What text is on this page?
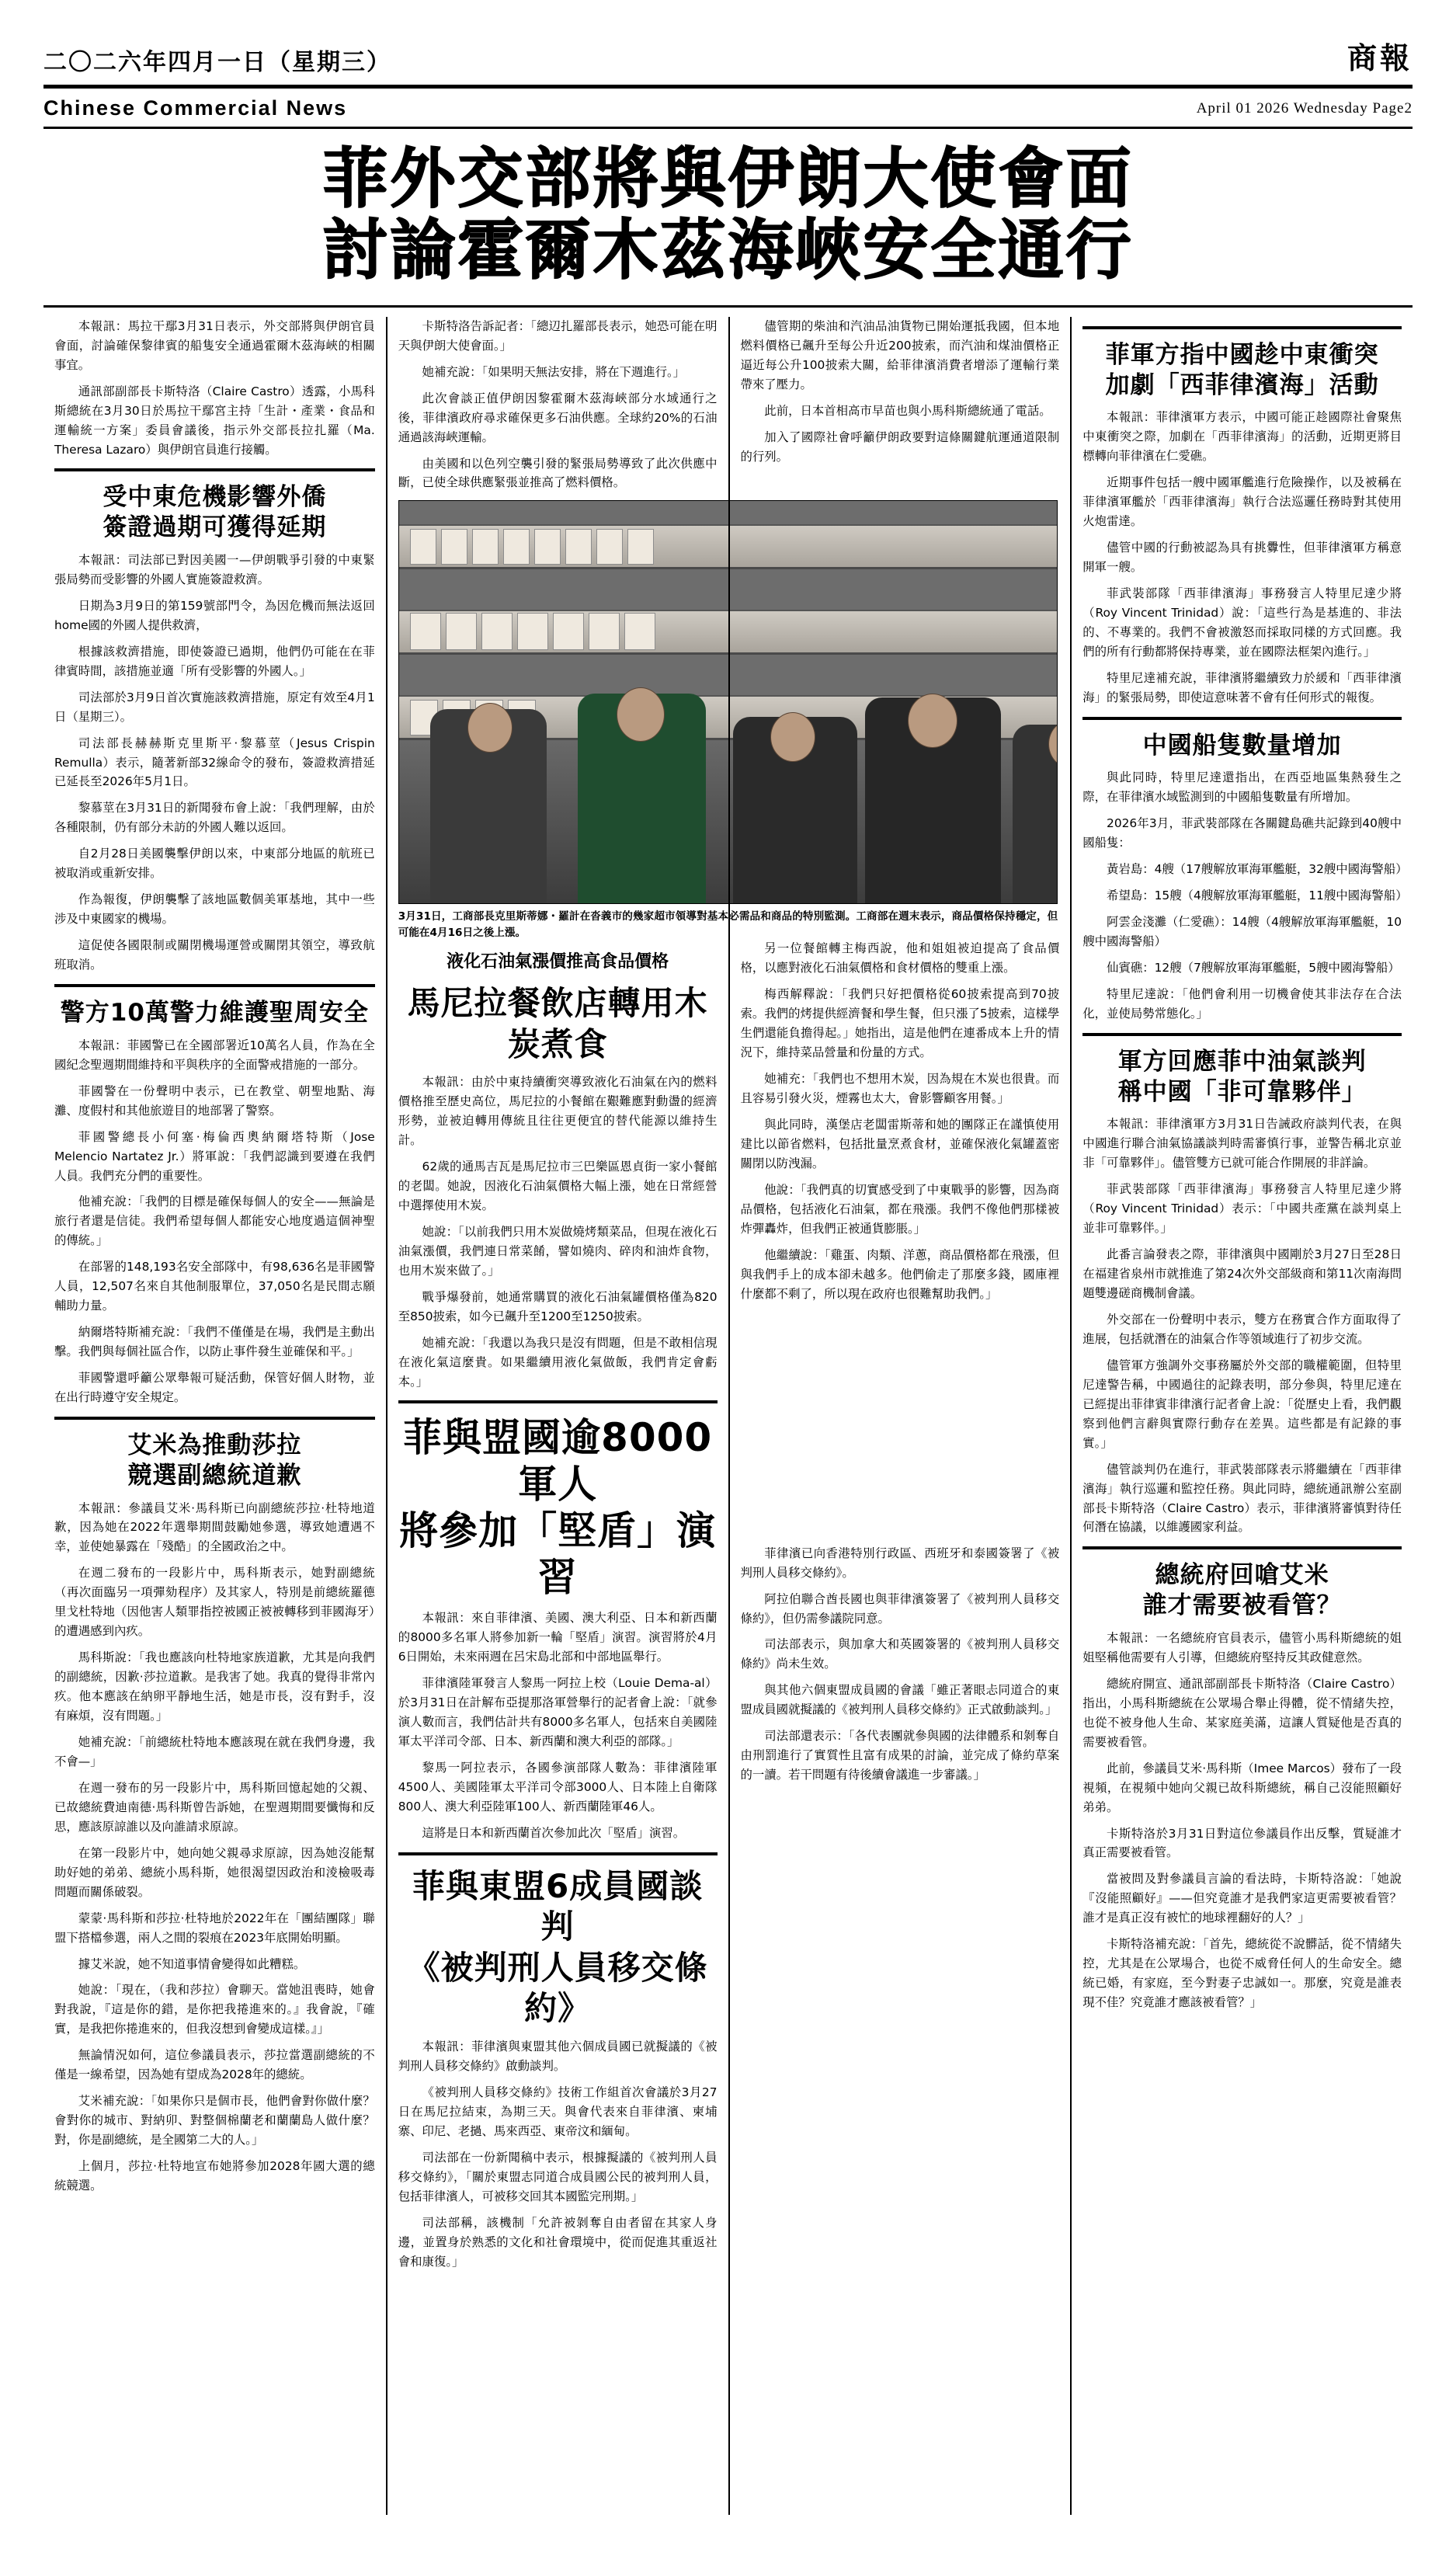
二〇二六年四月一日（星期三）	商報
Chinese Commercial News	April 01 2026 Wednesday Page2
菲外交部將與伊朗大使會面
討論霍爾木茲海峽安全通行

本報訊：馬拉干鄢3月31日表示，外交部將與伊朗官員會面，討論確保黎律賓的船隻安全通過霍爾木茲海峽的相關事宜。

通訊部副部長卡斯特洛（Claire Castro）透露，小馬科斯總統在3月30日於馬拉干鄢宮主持「生計・產業・食品和運輸統一方案」委員會議後，指示外交部長拉扎羅（Ma. Theresa Lazaro）與伊朗官員進行接觸。

受中東危機影響外僑
簽證過期可獲得延期

本報訊：司法部已對因美國一—伊朗戰爭引發的中東緊張局勢而受影響的外國人實施簽證救濟。

日期為3月9日的第159號部門令，為因危機而無法返回home國的外國人提供救濟，

根據該救濟措施，即使簽證已過期，他們仍可能在在菲律賓時間，該措施並適「所有受影響的外國人。」

司法部於3月9日首次實施該救濟措施，原定有效至4月1日（星期三）。

司法部長赫赫斯克里斯平·黎慕莖（Jesus Crispin Remulla）表示，隨著新部32線命令的發布，簽證救濟措延已延長至2026年5月1日。

黎慕莖在3月31日的新聞發布會上說：「我們理解，由於各種限制，仍有部分未訪的外國人難以返回。

自2月28日美國襲擊伊朗以來，中東部分地區的航班已被取消或重新安排。

作為報復，伊朗襲擊了該地區數個美軍基地，其中一些涉及中東國家的機場。

這促使各國限制或關閉機場運營或關閉其領空，導致航班取消。

警方10萬警力維護聖周安全

本報訊：菲國警已在全國部署近10萬名人員，作為在全國紀念聖週期間維持和平與秩序的全面警戒措施的一部分。

菲國警在一份聲明中表示，已在教堂、朝聖地點、海灘、度假村和其他旅遊目的地部署了警察。

菲國警總長小何塞·梅倫西奧納爾塔特斯（Jose Melencio Nartatez Jr.）將軍說：「我們認識到要遵在我們人員。我們充分們的重要性。

他補充說：「我們的目標是確保每個人的安全——無論是旅行者還是信徒。我們希望每個人都能安心地度過這個神聖的傳統。」

在部署的148,193名安全部隊中，有98,636名是菲國警人員，12,507名來自其他制服單位，37,050名是民間志願輔助力量。

納爾塔特斯補充說：「我們不僅僅是在場，我們是主動出擊。我們與每個社區合作，以防止事件發生並確保和平。」

菲國警還呼籲公眾舉報可疑活動，保管好個人財物，並在出行時遵守安全規定。

艾米為推動莎拉
競選副總統道歉

本報訊：參議員艾米·馬科斯已向副總統莎拉·杜特地道歉，因為她在2022年選舉期間鼓勵她參選，導致她遭遇不幸，並使她暴露在「殘酷」的全國政治之中。

在週二發布的一段影片中，馬科斯表示，她對副總統（再次面臨另一項彈劾程序）及其家人，特別是前總統羅德里戈杜特地（因他害人類罪指控被國正被被轉移到菲國海牙）的遭遇感到內疚。

馬科斯說：「我也應該向杜特地家族道歉，尤其是向我們的副總統，因歉·莎拉道歉。是我害了她。我真的覺得非常內疚。他本應該在納卵平靜地生活，她是市長，沒有對手，沒有麻煩，沒有問題。」

她補充說：「前總統杜特地本應該現在就在我們身邊，我不會—」

在週一發布的另一段影片中，馬科斯回憶起她的父親、已故總統費迪南德·馬科斯曾告訴她，在聖週期間要懺悔和反思，應該原諒誰以及向誰請求原諒。

在第一段影片中，她向她父親尋求原諒，因為她沒能幫助好她的弟弟、總統小馬科斯，她很渴望因政治和淩檢吸毒問題而關係破裂。

蒙蒙·馬科斯和莎拉·杜特地於2022年在「團結團隊」聯盟下搭檔參選，兩人之間的裂痕在2023年底開始明顯。

據艾米說，她不知道事情會變得如此糟糕。

她說：「現在，（我和莎拉）會聊天。當她沮喪時，她會對我說，『這是你的錯，是你把我捲進來的。』我會說，『確實，是我把你捲進來的，但我沒想到會變成這樣。』」

無論情況如何，這位參議員表示，莎拉當選副總統的不僅是一線希望，因為她有望成為2028年的總統。

艾米補充說：「如果你只是個市長，他們會對你做什麼？會對你的城市、對納卯、對整個棉蘭老和蘭蘭島人做什麼？對，你是副總統，是全國第二大的人。」

上個月，莎拉·杜特地宣布她將參加2028年國大選的總統競選。

卡斯特洛告訴記者：「總辺扎羅部長表示，她恐可能在明天與伊朗大使會面。」

她補充說：「如果明天無法安排，將在下週進行。」

此次會談正值伊朗因黎霍爾木茲海峽部分水域通行之後，菲律濱政府尋求確保更多石油供應。全球約20%的石油通過該海峽運輸。

由美國和以色列空襲引發的緊張局勢導致了此次供應中斷，已使全球供應緊張並推高了燃料價格。

3月31日，工商部長克里斯蒂娜・羅計在沓義市的幾家超市領導對基本必需品和商品的特別監測。工商部在週末表示，商品價格保持穩定，但可能在4月16日之後上漲。
液化石油氣漲價推高食品價格
馬尼拉餐飲店轉用木炭煮食

本報訊：由於中東持續衝突導致液化石油氣在內的燃料價格推至歷史高位，馬尼拉的小餐館在艱難應對動盪的經濟形勢，並被迫轉用傳統且往往更便宜的替代能源以維持生計。

62歲的通馬吉瓦是馬尼拉市三巴樂區恩貞街一家小餐館的老闆。她說，因液化石油氣價格大幅上漲，她在日常經營中選擇使用木炭。

她說：「以前我們只用木炭做燒烤類菜品，但現在液化石油氣漲價，我們連日常菜餚，譬如燒肉、碎肉和油炸食物，也用木炭來做了。」

戰爭爆發前，她通常購買的液化石油氣罐價格僅為820至850披索，如今已飆升至1200至1250披索。

她補充說：「我還以為我只是沒有問題，但是不敢相信現在液化氣這麼貴。如果繼續用液化氣做飯，我們肯定會虧本。」

菲與盟國逾8000軍人
將參加「堅盾」演習

本報訊：來自菲律濱、美國、澳大利亞、日本和新西蘭的8000多名軍人將參加新一輪「堅盾」演習。演習將於4月6日開始，未來兩週在呂宋島北部和中部地區舉行。

菲律濱陸軍發言人黎馬一阿拉上校（Louie Dema-al）於3月31日在計解布亞提那洛軍營舉行的記者會上說：「就參演人數而言，我們估計共有8000多名軍人，包括來自美國陸軍太平洋司令部、日本、新西蘭和澳大利亞的部隊。」

黎馬一阿拉表示，各國參演部隊人數為：菲律濱陸軍4500人、美國陸軍太平洋司令部3000人、日本陸上自衛隊800人、澳大利亞陸軍100人、新西蘭陸軍46人。

這將是日本和新西蘭首次參加此次「堅盾」演習。

菲與東盟6成員國談判
《被判刑人員移交條約》

本報訊：菲律濱與東盟其他六個成員國已就擬議的《被判刑人員移交條約》啟動談判。

《被判刑人員移交條約》技術工作組首次會議於3月27日在馬尼拉結束，為期三天。與會代表來自菲律濱、柬埔寨、印尼、老撾、馬來西亞、東帝汶和緬甸。

司法部在一份新聞稿中表示，根據擬議的《被判刑人員移交條約》，「關於東盟志同道合成員國公民的被判刑人員，包括菲律濱人，可被移交回其本國監完刑期。」

司法部稱，該機制「允許被剝奪自由者留在其家人身邊，並置身於熟悉的文化和社會環境中，從而促進其重返社會和康復。」

儘管期的柴油和汽油品油貨物已開始運抵我國，但本地燃料價格已飆升至每公升近200披索，而汽油和煤油價格正逼近每公升100披索大關，給菲律濱消費者增添了運輸行業帶來了壓力。

此前，日本首相高市早苗也與小馬科斯總統通了電話。

加入了國際社會呼籲伊朗政要對這條關鍵航運通道限制的行列。

另一位餐館轉主梅西說，他和姐姐被迫提高了食品價格，以應對液化石油氣價格和食材價格的雙重上漲。

梅西解釋說：「我們只好把價格從60披索提高到70披索。我們的烤提供經濟餐和學生餐，但只漲了5披索，這樣學生們還能負擔得起。」她指出，這是他們在連番成本上升的情況下，維持菜品營量和份量的方式。

她補充：「我們也不想用木炭，因為規在木炭也很貴。而且容易引發火災，煙霧也太大，會影響顧客用餐。」

與此同時，漢堡店老闆雷斯蒂和她的團隊正在謹慎使用建比以節省燃料，包括批量烹煮食材，並確保液化氣罐蓋密關閉以防洩漏。

他說：「我們真的切實感受到了中東戰爭的影響，因為商品價格，包括液化石油氣，都在飛漲。我們不像他們那樣被炸彈轟炸，但我們正被通貨膨脹。」

他繼續說：「雞蛋、肉類、洋蔥，商品價格都在飛漲，但與我們手上的成本卻未越多。他們偷走了那麼多錢，國庫裡什麼都不剩了，所以現在政府也很難幫助我們。」

菲律濱已向香港特別行政區、西班牙和泰國簽署了《被判刑人員移交條約》。

阿拉伯聯合酋長國也與菲律濱簽署了《被判刑人員移交條約》，但仍需參議院同意。

司法部表示，與加拿大和英國簽署的《被判刑人員移交條約》尚未生效。

與其他六個東盟成員國的會議「雖正著眼忐同道合的東盟成員國就擬議的《被判刑人員移交條約》正式啟動談判。」

司法部還表示：「各代表團就參與國的法律體系和剝奪自由刑罰進行了實質性且富有成果的討論，並完成了條約草案的一讀。若干問題有待後續會議進一步審議。」

菲軍方指中國趁中東衝突
加劇「西菲律濱海」活動

本報訊：菲律濱軍方表示，中國可能正趁國際社會聚焦中東衝突之際，加劇在「西菲律濱海」的活動，近期更將目標轉向菲律濱在仁愛礁。

近期事件包括一艘中國軍艦進行危險操作，以及被稱在菲律濱軍艦於「西菲律濱海」執行合法巡邏任務時對其使用火炮雷達。

儘管中國的行動被認為具有挑釁性，但菲律濱軍方稱意開軍一艘。

菲武裝部隊「西菲律濱海」事務發言人特里尼達少將（Roy Vincent Trinidad）說：「這些行為是基進的、非法的、不專業的。我們不會被激怒而採取同樣的方式回應。我們的所有行動都將保持專業，並在國際法框架內進行。」

特里尼達補充說，菲律濱將繼續致力於緩和「西菲律濱海」的緊張局勢，即使這意味著不會有任何形式的報復。

中國船隻數量增加

與此同時，特里尼達還指出，在西亞地區集熱發生之際，在菲律濱水域監測到的中國船隻數量有所增加。

2026年3月，菲武裝部隊在各關鍵島礁共記錄到40艘中國船隻：

黃岩島：4艘（17艘解放軍海軍艦艇，32艘中國海警船）

希望島：15艘（4艘解放軍海軍艦艇，11艘中國海警船）

阿雲金淺灘（仁愛礁）：14艘（4艘解放軍海軍艦艇，10艘中國海警船）

仙賓礁：12艘（7艘解放軍海軍艦艇，5艘中國海警船）

特里尼達說：「他們會利用一切機會使其非法存在合法化，並使局勢常態化。」

軍方回應菲中油氣談判
稱中國「非可靠夥伴」

本報訊：菲律濱軍方3月31日告誡政府談判代表，在與中國進行聯合油氣協議談判時需審慎行事，並警告稱北京並非「可靠夥伴」。儘管雙方已就可能合作開展的非詳論。

菲武裝部隊「西菲律濱海」事務發言人特里尼達少將（Roy Vincent Trinidad）表示：「中國共產黨在談判桌上並非可靠夥伴。」

此番言論發表之際，菲律濱與中國剛於3月27日至28日在福建省泉州市就推進了第24次外交部級商和第11次南海問題雙邊磋商機制會議。

外交部在一份聲明中表示，雙方在務實合作方面取得了進展，包括就潛在的油氣合作等領域進行了初步交流。

儘管軍方強調外交事務屬於外交部的職權範圍，但特里尼達警告稱，中國過往的記錄表明，部分參與，特里尼達在已經提出菲律賓非律濱行記者會上說：「從歷史上看，我們觀察到他們言辭與實際行動存在差異。這些都是有記錄的事實。」

儘管談判仍在進行，菲武裝部隊表示將繼續在「西菲律濱海」執行巡邏和監控任務。與此同時，總統通訊辦公室副部長卡斯特洛（Claire Castro）表示，菲律濱將審慎對待任何潛在協議，以維護國家利益。

總統府回嗆艾米
誰才需要被看管？

本報訊：一名總統府官員表示，儘管小馬科斯總統的姐姐堅稱他需要有人引導，但總統府堅持反其政健意然。

總統府開宣、通訊部副部長卡斯特洛（Claire Castro）指出，小馬科斯總統在公眾場合舉止得體，從不情緒失控，也從不被身他人生命、某家庭美滿，這讓人質疑他是否真的需要被看管。

此前，參議員艾米·馬科斯（Imee Marcos）發布了一段視頻，在視頻中她向父親已故科斯總統，稱自己沒能照顧好弟弟。

卡斯特洛於3月31日對這位參議員作出反擊，質疑誰才真正需要被看管。

當被問及對參議員言論的看法時，卡斯特洛說：「她說『沒能照顧好』——但究竟誰才是我們家這更需要被看管？誰才是真正沒有被忙的地球裡翻好的人？」

卡斯特洛補充說：「首先，總統從不說髒話，從不情緒失控，尤其是在公眾場合，也從不威脅任何人的生命安全。總統已婚，有家庭，至今對妻子忠誠如一。那麼，究竟是誰表現不佳？究竟誰才應該被看管？」
